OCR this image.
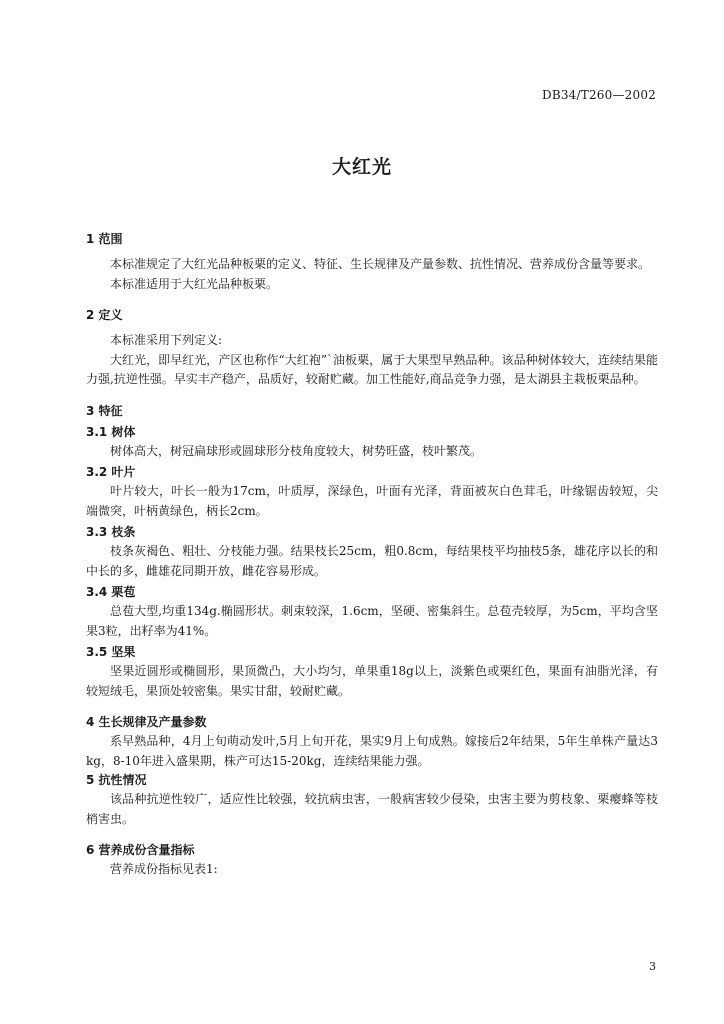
DB34/T260—2002
大红光
1 范围
本标准规定了大红光品种板栗的定义、特征、生长规律及产量参数、抗性情况、营养成份含量等要求。
本标准适用于大红光品种板栗。
2 定义
本标准采用下列定义:
大红光，即早红光，产区也称作“大红袍”`油板栗，属于大果型早熟品种。该品种树体较大，连续结果能力强,抗逆性强。早实丰产稳产，品质好，较耐贮藏。加工性能好,商品竞争力强，是太湖县主栽板栗品种。
3 特征
3.1 树体
树体高大，树冠扁球形或圆球形分枝角度较大，树势旺盛，枝叶繁茂。
3.2 叶片
叶片较大，叶长一般为17cm，叶质厚，深绿色，叶面有光泽，背面被灰白色茸毛，叶缘锯齿较短，尖端微突，叶柄黄绿色，柄长2cm。
3.3 枝条
枝条灰褐色、粗壮、分枝能力强。结果枝长25cm，粗0.8cm，每结果枝平均抽枝5条，雄花序以长的和中长的多，雌雄花同期开放，雌花容易形成。
3.4 栗苞
总苞大型,均重134g.椭圆形状。刺束较深，1.6cm，坚硬、密集斜生。总苞壳较厚，为5cm，平均含坚果3粒，出籽率为41%。
3.5 坚果
坚果近圆形或椭圆形，果顶微凸，大小均匀，单果重18g以上，淡紫色或栗红色，果面有油脂光泽，有较短绒毛，果顶处较密集。果实甘甜，较耐贮藏。
4 生长规律及产量参数
系早熟品种，4月上旬萌动发叶,5月上旬开花，果实9月上旬成熟。嫁接后2年结果，5年生单株产量达3kg，8-10年进入盛果期，株产可达15-20kg，连续结果能力强。
5 抗性情况
该品种抗逆性较广，适应性比较强，较抗病虫害，一般病害较少侵染，虫害主要为剪枝象、栗瘿蜂等枝梢害虫。
6 营养成份含量指标
营养成份指标见表1:
3
